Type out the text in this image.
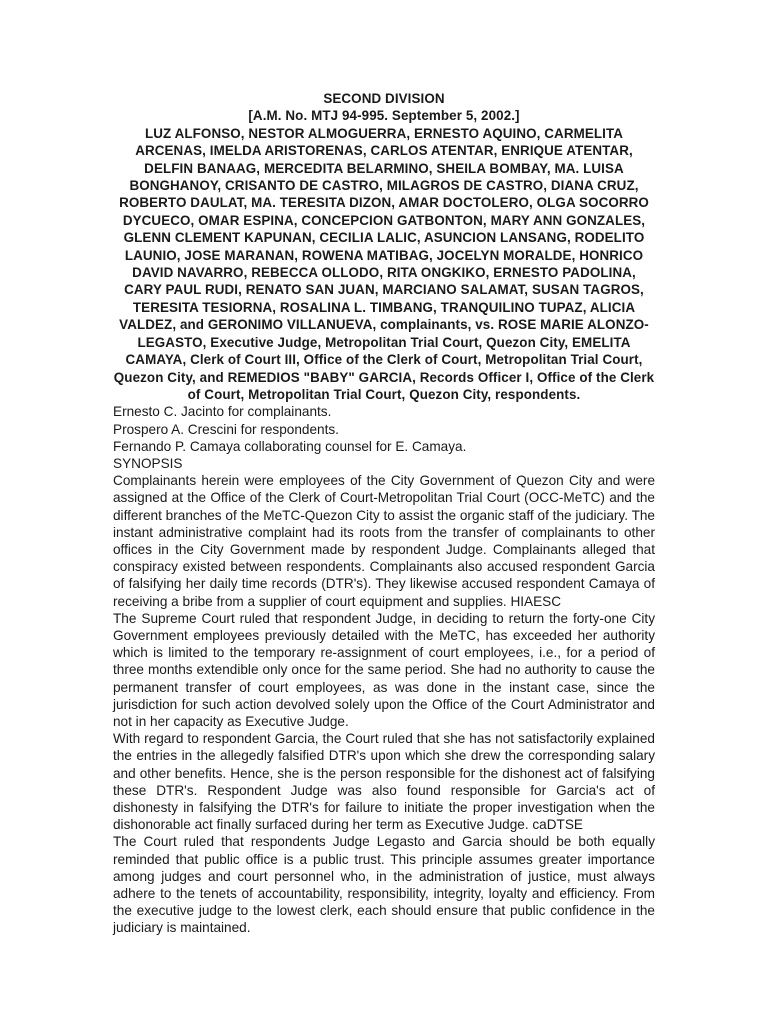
SECOND DIVISION

[A.M. No. MTJ 94-995. September 5, 2002.]

LUZ ALFONSO, NESTOR ALMOGUERRA, ERNESTO AQUINO, CARMELITA ARCENAS, IMELDA ARISTORENAS, CARLOS ATENTAR, ENRIQUE ATENTAR, DELFIN BANAAG, MERCEDITA BELARMINO, SHEILA BOMBAY, MA. LUISA BONGHANOY, CRISANTO DE CASTRO, MILAGROS DE CASTRO, DIANA CRUZ, ROBERTO DAULAT, MA. TERESITA DIZON, AMAR DOCTOLERO, OLGA SOCORRO DYCUECO, OMAR ESPINA, CONCEPCION GATBONTON, MARY ANN GONZALES, GLENN CLEMENT KAPUNAN, CECILIA LALIC, ASUNCION LANSANG, RODELITO LAUNIO, JOSE MARANAN, ROWENA MATIBAG, JOCELYN MORALDE, HONRICO DAVID NAVARRO, REBECCA OLLODO, RITA ONGKIKO, ERNESTO PADOLINA, CARY PAUL RUDI, RENATO SAN JUAN, MARCIANO SALAMAT, SUSAN TAGROS, TERESITA TESIORNA, ROSALINA L. TIMBANG, TRANQUILINO TUPAZ, ALICIA VALDEZ, and GERONIMO VILLANUEVA, complainants, vs. ROSE MARIE ALONZO-LEGASTO, Executive Judge, Metropolitan Trial Court, Quezon City, EMELITA CAMAYA, Clerk of Court III, Office of the Clerk of Court, Metropolitan Trial Court, Quezon City, and REMEDIOS "BABY" GARCIA, Records Officer I, Office of the Clerk of Court, Metropolitan Trial Court, Quezon City, respondents.

Ernesto C. Jacinto for complainants.

Prospero A. Crescini for respondents.

Fernando P. Camaya collaborating counsel for E. Camaya.

SYNOPSIS

Complainants herein were employees of the City Government of Quezon City and were assigned at the Office of the Clerk of Court-Metropolitan Trial Court (OCC-MeTC) and the different branches of the MeTC-Quezon City to assist the organic staff of the judiciary. The instant administrative complaint had its roots from the transfer of complainants to other offices in the City Government made by respondent Judge. Complainants alleged that conspiracy existed between respondents. Complainants also accused respondent Garcia of falsifying her daily time records (DTR's). They likewise accused respondent Camaya of receiving a bribe from a supplier of court equipment and supplies. HIAESC

The Supreme Court ruled that respondent Judge, in deciding to return the forty-one City Government employees previously detailed with the MeTC, has exceeded her authority which is limited to the temporary re-assignment of court employees, i.e., for a period of three months extendible only once for the same period. She had no authority to cause the permanent transfer of court employees, as was done in the instant case, since the jurisdiction for such action devolved solely upon the Office of the Court Administrator and not in her capacity as Executive Judge.

With regard to respondent Garcia, the Court ruled that she has not satisfactorily explained the entries in the allegedly falsified DTR's upon which she drew the corresponding salary and other benefits. Hence, she is the person responsible for the dishonest act of falsifying these DTR's. Respondent Judge was also found responsible for Garcia's act of dishonesty in falsifying the DTR's for failure to initiate the proper investigation when the dishonorable act finally surfaced during her term as Executive Judge. caDTSE

The Court ruled that respondents Judge Legasto and Garcia should be both equally reminded that public office is a public trust. This principle assumes greater importance among judges and court personnel who, in the administration of justice, must always adhere to the tenets of accountability, responsibility, integrity, loyalty and efficiency. From the executive judge to the lowest clerk, each should ensure that public confidence in the judiciary is maintained.
